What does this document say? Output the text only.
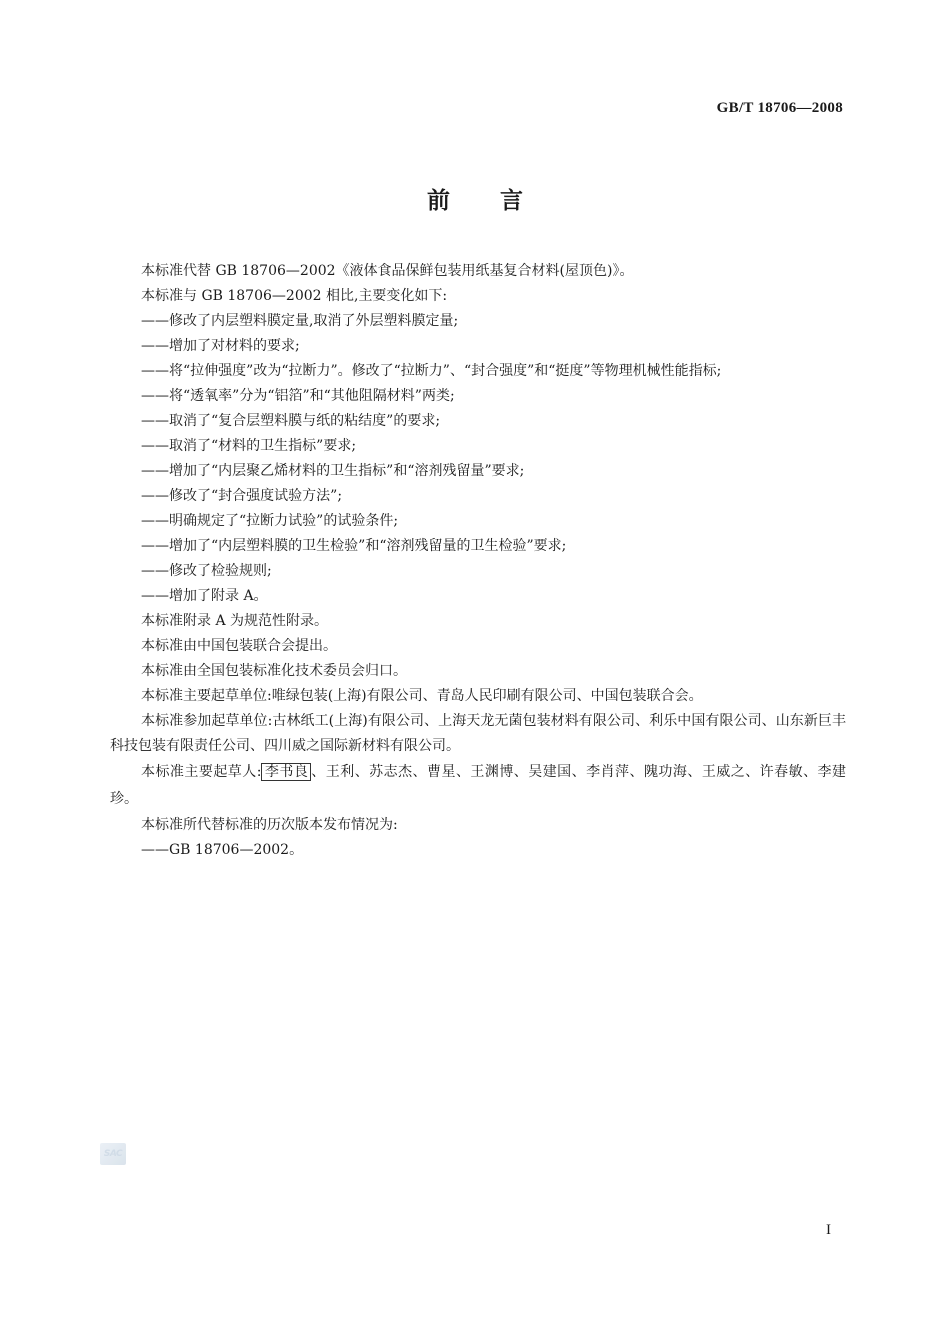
GB/T 18706—2008
前言

本标准代替 GB 18706—2002《液体食品保鲜包装用纸基复合材料(屋顶色)》。

本标准与 GB 18706—2002 相比,主要变化如下:

——修改了内层塑料膜定量,取消了外层塑料膜定量;

——增加了对材料的要求;

——将“拉伸强度”改为“拉断力”。修改了“拉断力”、“封合强度”和“挺度”等物理机械性能指标;

——将“透氧率”分为“铝箔”和“其他阻隔材料”两类;

——取消了“复合层塑料膜与纸的粘结度”的要求;

——取消了“材料的卫生指标”要求;

——增加了“内层聚乙烯材料的卫生指标”和“溶剂残留量”要求;

——修改了“封合强度试验方法”;

——明确规定了“拉断力试验”的试验条件;

——增加了“内层塑料膜的卫生检验”和“溶剂残留量的卫生检验”要求;

——修改了检验规则;

——增加了附录 A。

本标准附录 A 为规范性附录。

本标准由中国包装联合会提出。

本标准由全国包装标准化技术委员会归口。

本标准主要起草单位:唯绿包装(上海)有限公司、青岛人民印刷有限公司、中国包装联合会。

本标准参加起草单位:古林纸工(上海)有限公司、上海天龙无菌包装材料有限公司、利乐中国有限公司、山东新巨丰科技包装有限责任公司、四川威之国际新材料有限公司。

本标准主要起草人: 李书良 、王利、苏志杰、曹星、王渊博、吴建国、李肖萍、隗功海、王威之、许春敏、李建珍。

本标准所代替标准的历次版本发布情况为:

——GB 18706—2002。

SAC
I
